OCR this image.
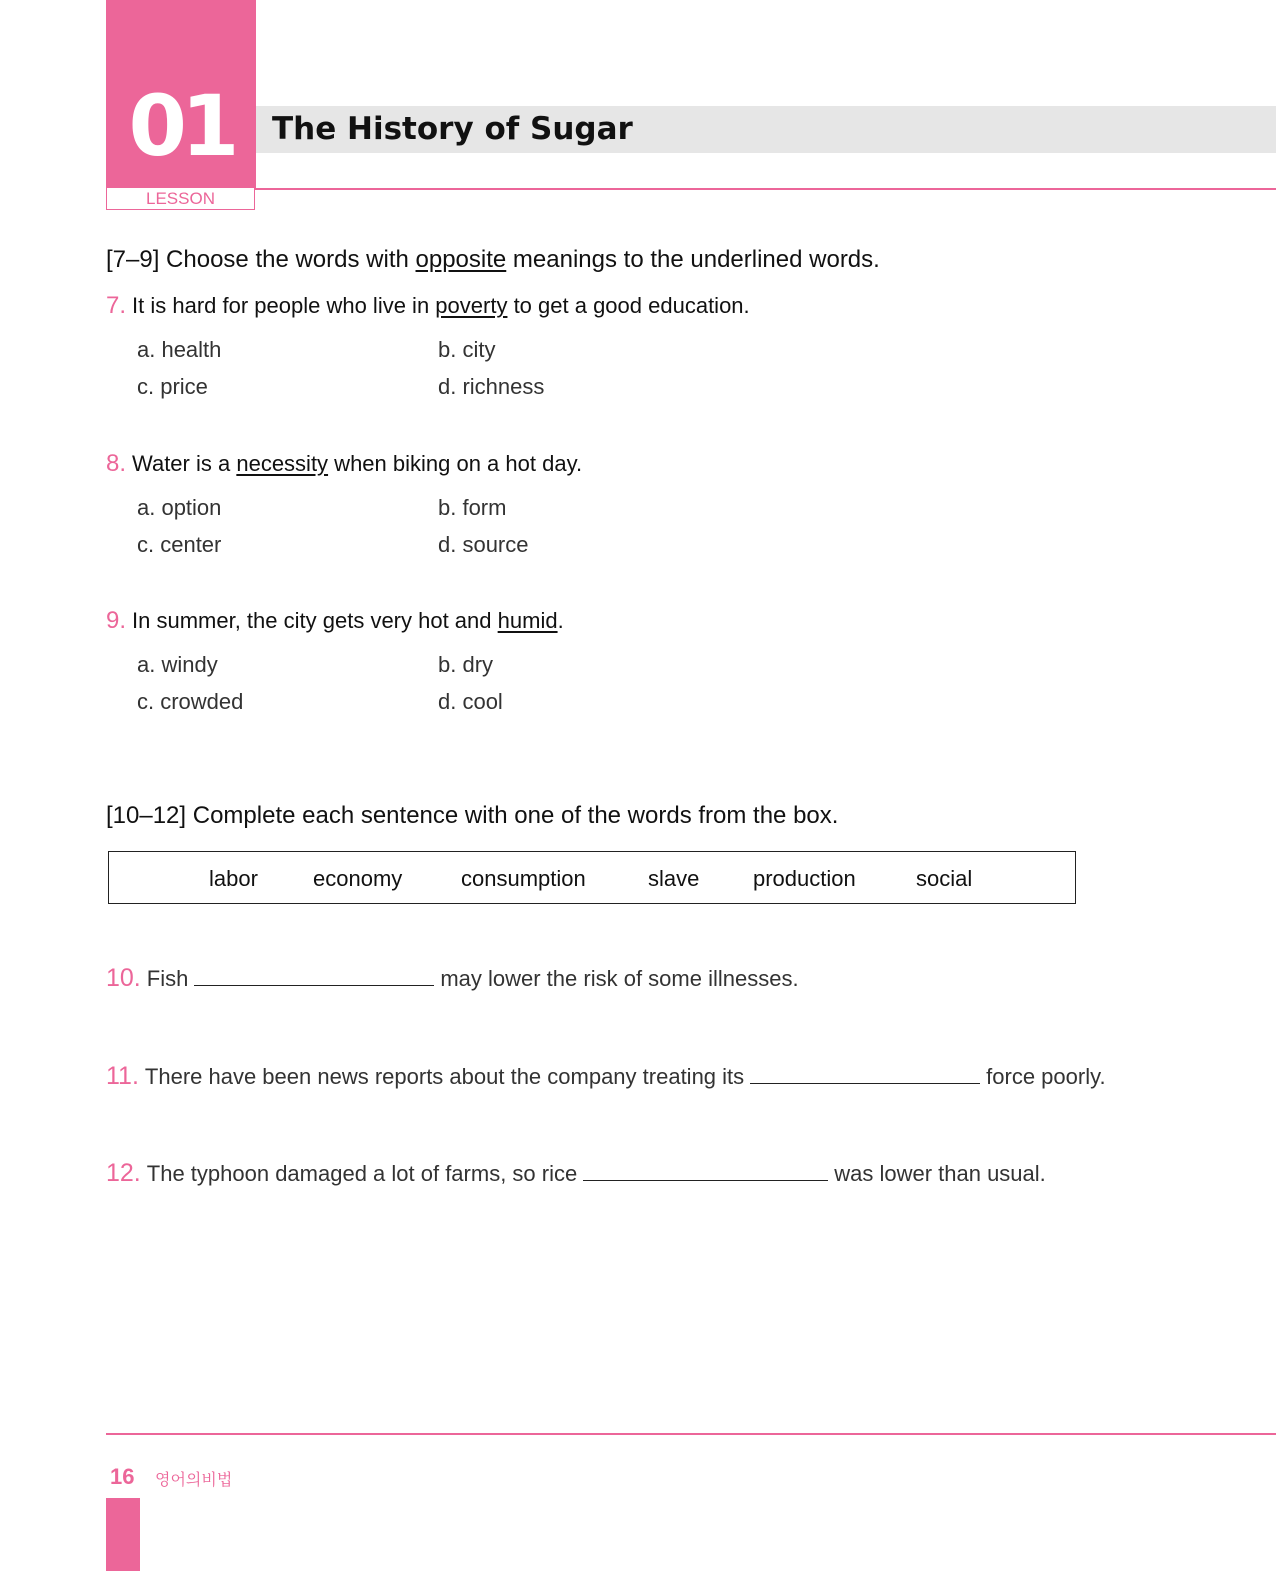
01
LESSON
The History of Sugar
[7–9] Choose the words with opposite meanings to the underlined words.
7. It is hard for people who live in poverty to get a good education.
a. health	b. city
c. price	d. richness
8. Water is a necessity when biking on a hot day.
a. option	b. form
c. center	d. source
9. In summer, the city gets very hot and humid.
a. windy	b. dry
c. crowded	d. cool
[10–12] Complete each sentence with one of the words from the box.
labor	economy	consumption	slave production	social
10. Fish	may lower the risk of some illnesses.
11. There have been news reports about the company treating its	force poorly.
12. The typhoon damaged a lot of farms, so rice	was lower than usual.
16 영어의비법
